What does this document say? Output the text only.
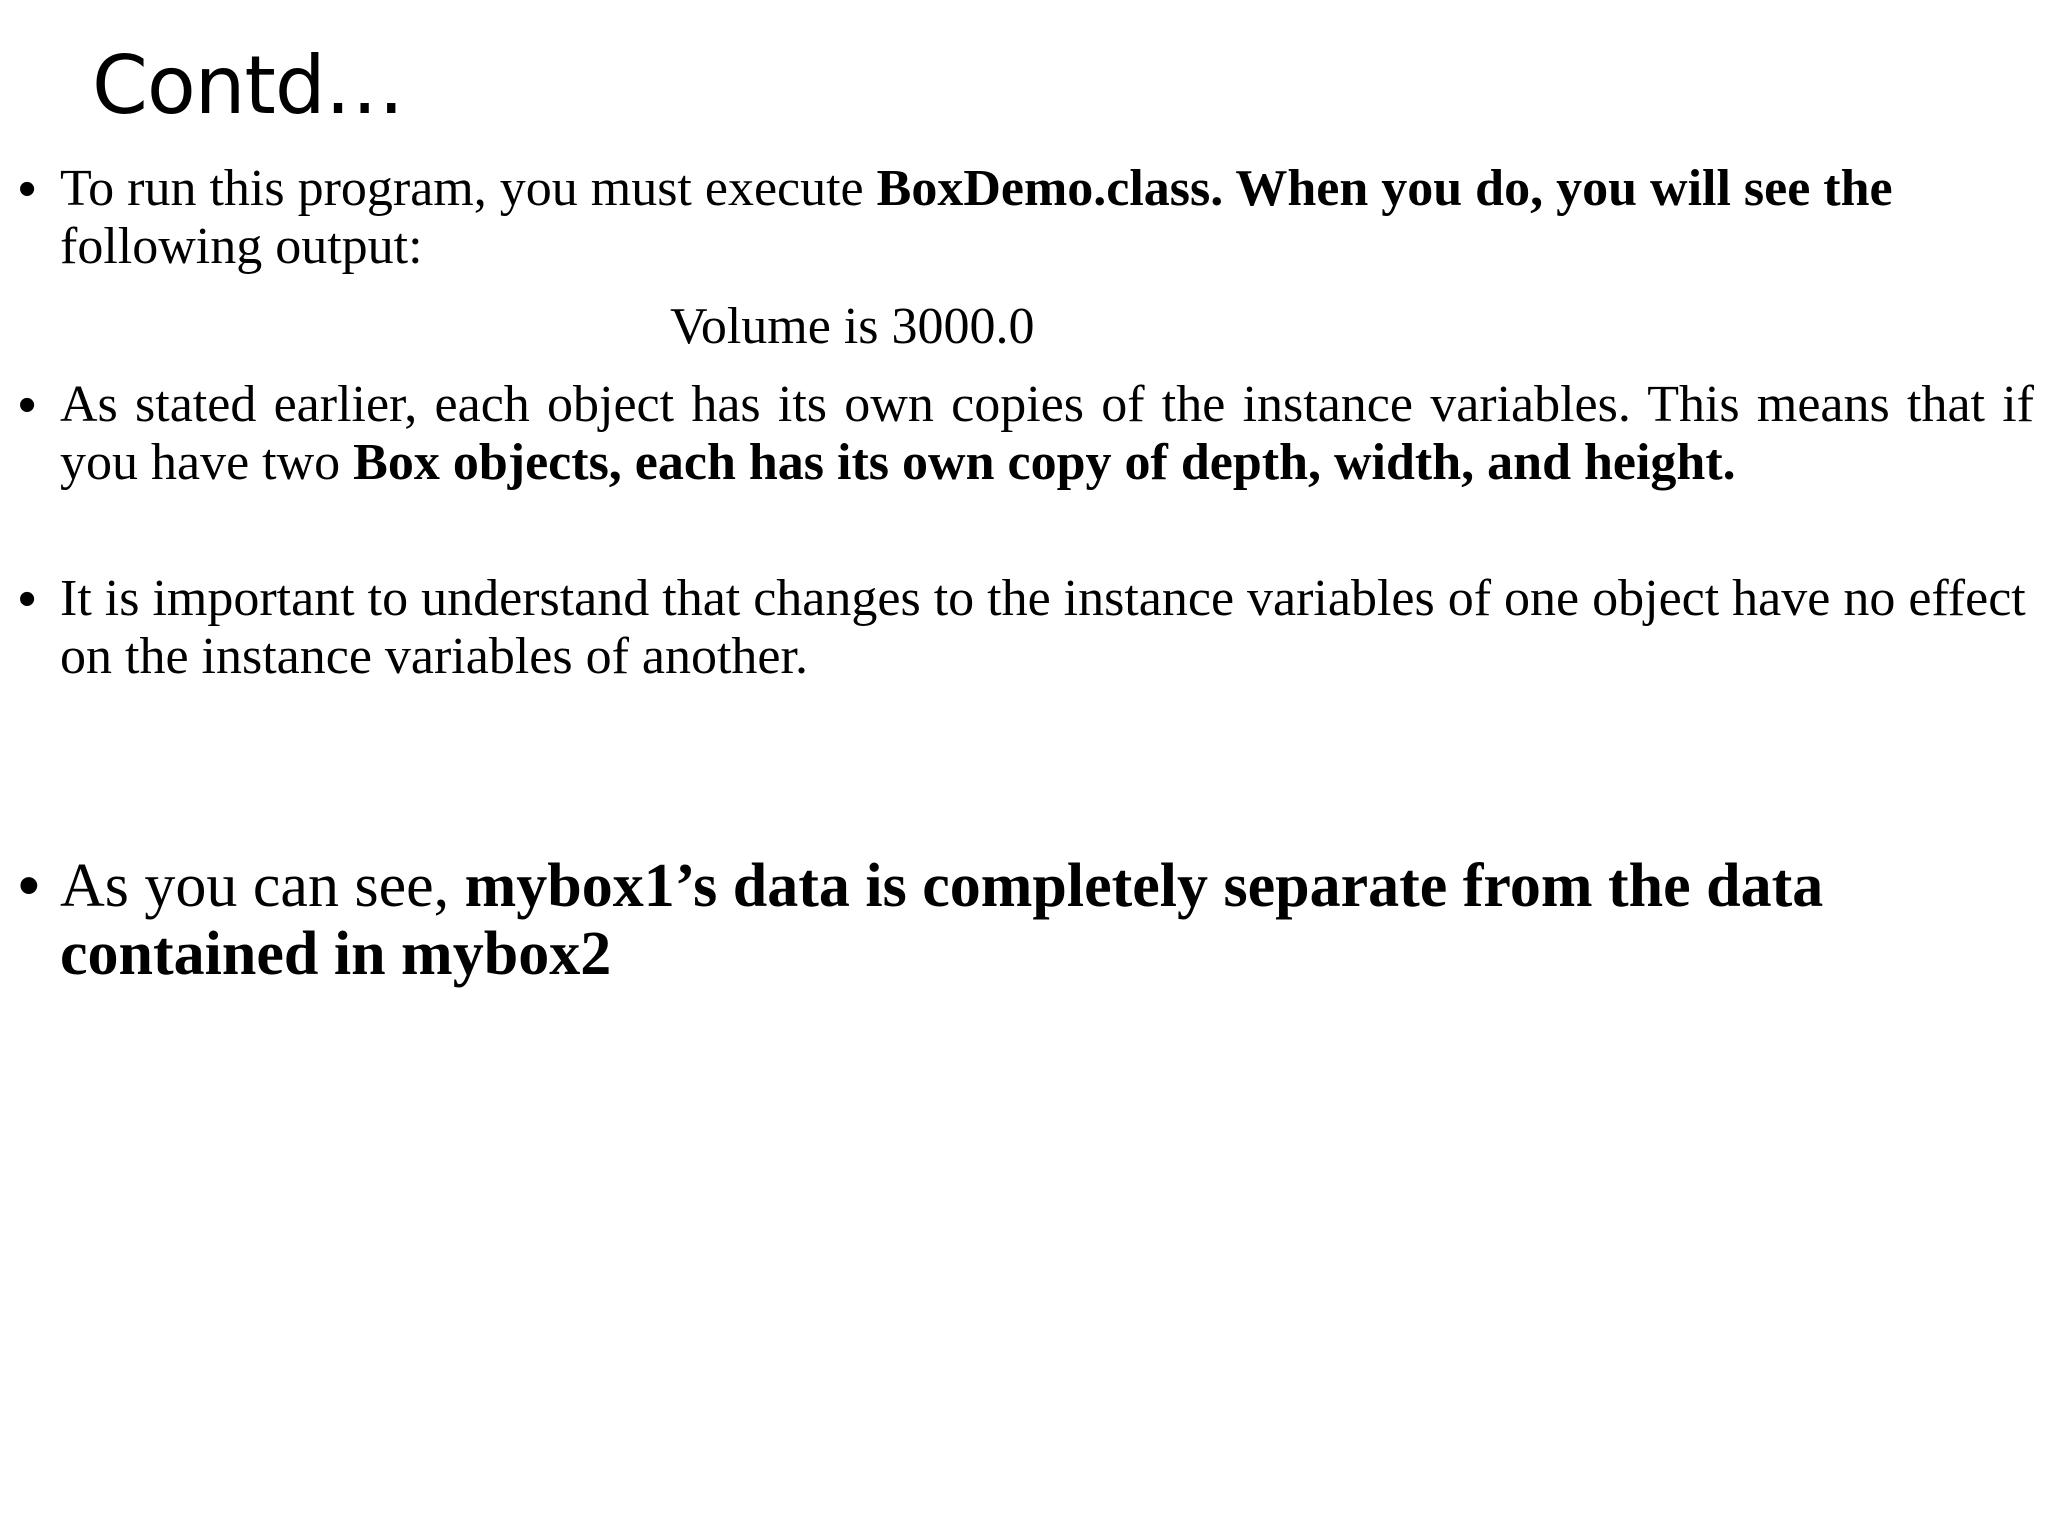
Contd…
• To run this program, you must execute BoxDemo.class. When you do, you will see the following output:
Volume is 3000.0
• As stated earlier, each object has its own copies of the instance variables. This means that if you have two Box objects, each has its own copy of depth, width, and height.
• It is important to understand that changes to the instance variables of one object have no effect on the instance variables of another.
• As you can see, mybox1’s data is completely separate from the data contained in mybox2
